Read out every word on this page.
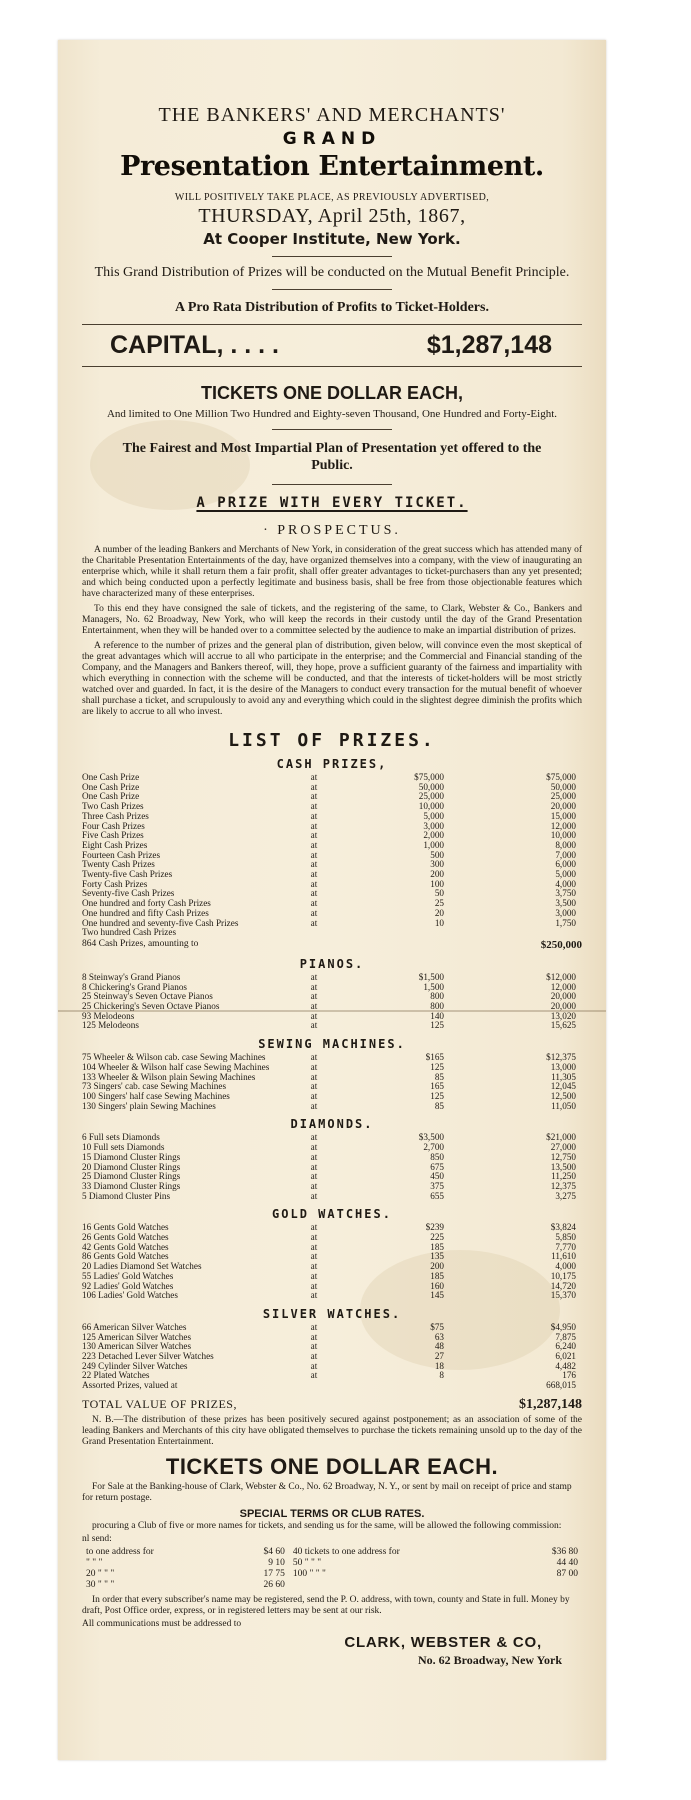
THE BANKERS' AND MERCHANTS'
GRAND
Presentation Entertainment.
WILL POSITIVELY TAKE PLACE, AS PREVIOUSLY ADVERTISED,
THURSDAY, April 25th, 1867,
At Cooper Institute, New York.
This Grand Distribution of Prizes will be conducted on the Mutual Benefit Principle.
A Pro Rata Distribution of Profits to Ticket-Holders.
CAPITAL, . . . .	$1,287,148
TICKETS ONE DOLLAR EACH,
And limited to One Million Two Hundred and Eighty-seven Thousand, One Hundred and Forty-Eight.
The Fairest and Most Impartial Plan of Presentation yet offered to the Public.
A PRIZE WITH EVERY TICKET.
· PROSPECTUS.

A number of the leading Bankers and Merchants of New York, in consideration of the great success which has attended many of the Charitable Presentation Entertainments of the day, have organized themselves into a company, with the view of inaugurating an enterprise which, while it shall return them a fair profit, shall offer greater advantages to ticket-purchasers than any yet presented; and which being conducted upon a perfectly legitimate and business basis, shall be free from those objectionable features which have characterized many of these enterprises.

To this end they have consigned the sale of tickets, and the registering of the same, to Clark, Webster & Co., Bankers and Managers, No. 62 Broadway, New York, who will keep the records in their custody until the day of the Grand Presentation Entertainment, when they will be handed over to a committee selected by the audience to make an impartial distribution of prizes.

A reference to the number of prizes and the general plan of distribution, given below, will convince even the most skeptical of the great advantages which will accrue to all who participate in the enterprise; and the Commercial and Financial standing of the Company, and the Managers and Bankers thereof, will, they hope, prove a sufficient guaranty of the fairness and impartiality with which everything in connection with the scheme will be conducted, and that the interests of ticket-holders will be most strictly watched over and guarded. In fact, it is the desire of the Managers to conduct every transaction for the mutual benefit of whoever shall purchase a ticket, and scrupulously to avoid any and everything which could in the slightest degree diminish the profits which are likely to accrue to all who invest.

LIST OF PRIZES.
CASH PRIZES,
One Cash Prize	at	$75,000	$75,000
One Cash Prize	at	50,000	50,000
One Cash Prize	at	25,000	25,000
Two Cash Prizes	at	10,000	20,000
Three Cash Prizes	at	5,000	15,000
Four Cash Prizes	at	3,000	12,000
Five Cash Prizes	at	2,000	10,000
Eight Cash Prizes	at	1,000	8,000
Fourteen Cash Prizes	at	500	7,000
Twenty Cash Prizes	at	300	6,000
Twenty-five Cash Prizes	at	200	5,000
Forty Cash Prizes	at	100	4,000
Seventy-five Cash Prizes	at	50	3,750
One hundred and forty Cash Prizes	at	25	3,500
One hundred and fifty Cash Prizes	at	20	3,000
One hundred and seventy-five Cash Prizes	at	10	1,750
Two hundred Cash Prizes			
864 Cash Prizes, amounting to	$250,000
PIANOS.
8 Steinway's Grand Pianos	at	$1,500	$12,000
8 Chickering's Grand Pianos	at	1,500	12,000
25 Steinway's Seven Octave Pianos	at	800	20,000
25 Chickering's Seven Octave Pianos	at	800	20,000
93 Melodeons	at	140	13,020
125 Melodeons	at	125	15,625
SEWING MACHINES.
75 Wheeler & Wilson cab. case Sewing Machines	at	$165	$12,375
104 Wheeler & Wilson half case Sewing Machines	at	125	13,000
133 Wheeler & Wilson plain Sewing Machines	at	85	11,305
73 Singers' cab. case Sewing Machines	at	165	12,045
100 Singers' half case Sewing Machines	at	125	12,500
130 Singers' plain Sewing Machines	at	85	11,050
DIAMONDS.
6 Full sets Diamonds	at	$3,500	$21,000
10 Full sets Diamonds	at	2,700	27,000
15 Diamond Cluster Rings	at	850	12,750
20 Diamond Cluster Rings	at	675	13,500
25 Diamond Cluster Rings	at	450	11,250
33 Diamond Cluster Rings	at	375	12,375
5 Diamond Cluster Pins	at	655	3,275
GOLD WATCHES.
16 Gents Gold Watches	at	$239	$3,824
26 Gents Gold Watches	at	225	5,850
42 Gents Gold Watches	at	185	7,770
86 Gents Gold Watches	at	135	11,610
20 Ladies Diamond Set Watches	at	200	4,000
55 Ladies' Gold Watches	at	185	10,175
92 Ladies' Gold Watches	at	160	14,720
106 Ladies' Gold Watches	at	145	15,370
SILVER WATCHES.
66 American Silver Watches	at	$75	$4,950
125 American Silver Watches	at	63	7,875
130 American Silver Watches	at	48	6,240
223 Detached Lever Silver Watches	at	27	6,021
249 Cylinder Silver Watches	at	18	4,482
22 Plated Watches	at	8	176
Assorted Prizes, valued at			668,015
TOTAL VALUE OF PRIZES,	$1,287,148

N. B.—The distribution of these prizes has been positively secured against postponement; as an association of some of the leading Bankers and Merchants of this city have obligated themselves to purchase the tickets remaining unsold up to the day of the Grand Presentation Entertainment.

TICKETS ONE DOLLAR EACH.

For Sale at the Banking-house of Clark, Webster & Co., No. 62 Broadway, N. Y., or sent by mail on receipt of price and stamp for return postage.

SPECIAL TERMS OR CLUB RATES.

procuring a Club of five or more names for tickets, and sending us for the same, will be allowed the following commission:

nl send:
to one address for	$4 60	40 tickets to one address for	$36 80
" " "	9 10	50 " " "	44 40
20 " " "	17 75	100 " " "	87 00
30 " " "	26 60		

In order that every subscriber's name may be registered, send the P. O. address, with town, county and State in full. Money by draft, Post Office order, express, or in registered letters may be sent at our risk.

All communications must be addressed to
CLARK, WEBSTER & CO,
No. 62 Broadway, New York
